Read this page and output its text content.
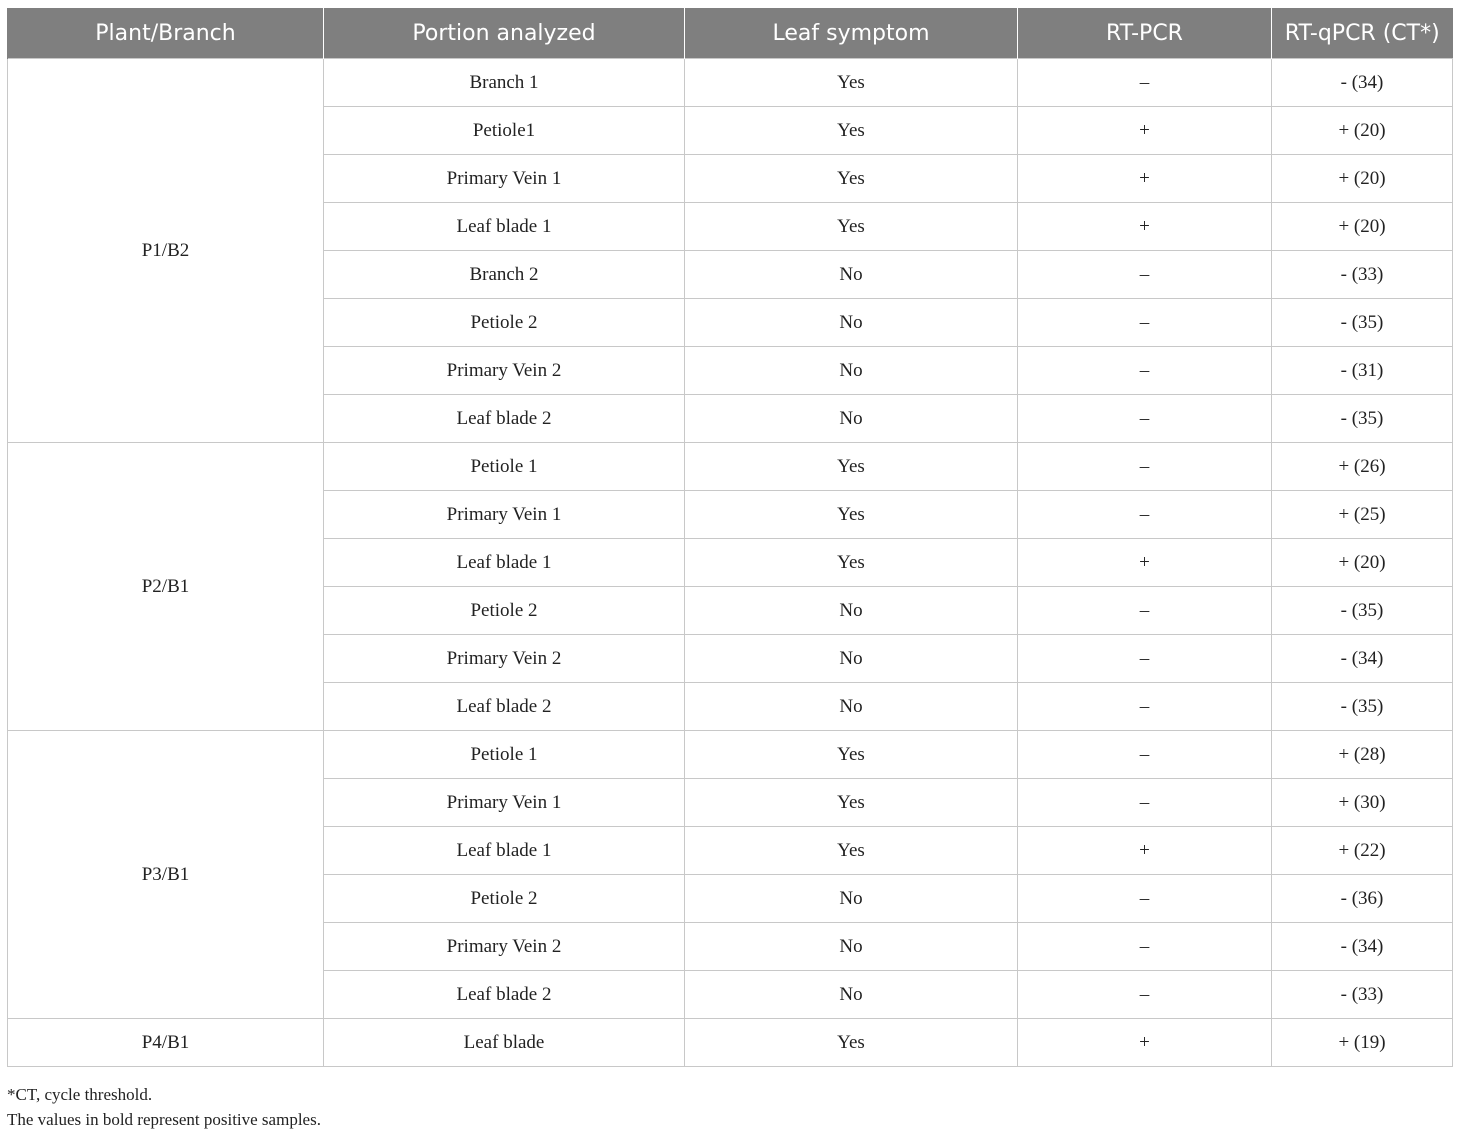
Plant/Branch	Portion analyzed	Leaf symptom	RT-PCR	RT-qPCR (CT*)
P1/B2	Branch 1	Yes	–	- (34)
	Petiole1	Yes	+	+ (20)
	Primary Vein 1	Yes	+	+ (20)
	Leaf blade 1	Yes	+	+ (20)
	Branch 2	No	–	- (33)
	Petiole 2	No	–	- (35)
	Primary Vein 2	No	–	- (31)
	Leaf blade 2	No	–	- (35)
P2/B1	Petiole 1	Yes	–	+ (26)
	Primary Vein 1	Yes	–	+ (25)
	Leaf blade 1	Yes	+	+ (20)
	Petiole 2	No	–	- (35)
	Primary Vein 2	No	–	- (34)
	Leaf blade 2	No	–	- (35)
P3/B1	Petiole 1	Yes	–	+ (28)
	Primary Vein 1	Yes	–	+ (30)
	Leaf blade 1	Yes	+	+ (22)
	Petiole 2	No	–	- (36)
	Primary Vein 2	No	–	- (34)
	Leaf blade 2	No	–	- (33)
P4/B1	Leaf blade	Yes	+	+ (19)
*CT, cycle threshold.
The values in bold represent positive samples.
